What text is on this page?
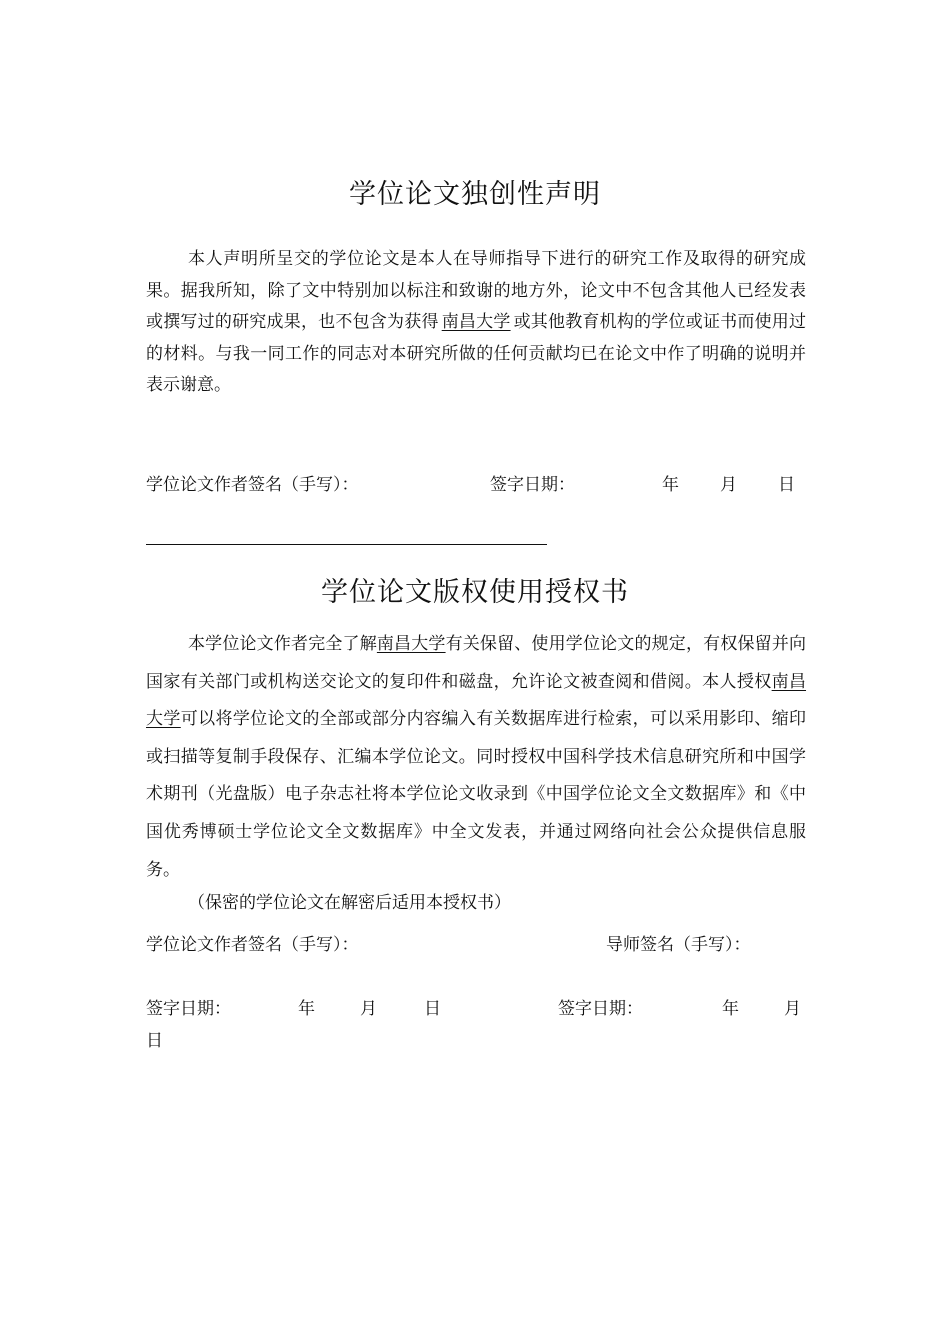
学位论文独创性声明

本人声明所呈交的学位论文是本人在导师指导下进行的研究工作及取得的研究成果。据我所知，除了文中特别加以标注和致谢的地方外，论文中不包含其他人已经发表或撰写过的研究成果，也不包含为获得 南昌大学 或其他教育机构的学位或证书而使用过的材料。与我一同工作的同志对本研究所做的任何贡献均已在论文中作了明确的说明并表示谢意。

学位论文作者签名（手写）：	签字日期：	年 月 日
学位论文版权使用授权书

本学位论文作者完全了解南昌大学有关保留、使用学位论文的规定，有权保留并向国家有关部门或机构送交论文的复印件和磁盘，允许论文被查阅和借阅。本人授权南昌大学可以将学位论文的全部或部分内容编入有关数据库进行检索，可以采用影印、缩印或扫描等复制手段保存、汇编本学位论文。同时授权中国科学技术信息研究所和中国学术期刊（光盘版）电子杂志社将本学位论文收录到《中国学位论文全文数据库》和《中国优秀博硕士学位论文全文数据库》中全文发表，并通过网络向社会公众提供信息服务。

（保密的学位论文在解密后适用本授权书）
学位论文作者签名（手写）：	导师签名（手写）：
签字日期：	年	月	日	签字日期：	年	月
日
